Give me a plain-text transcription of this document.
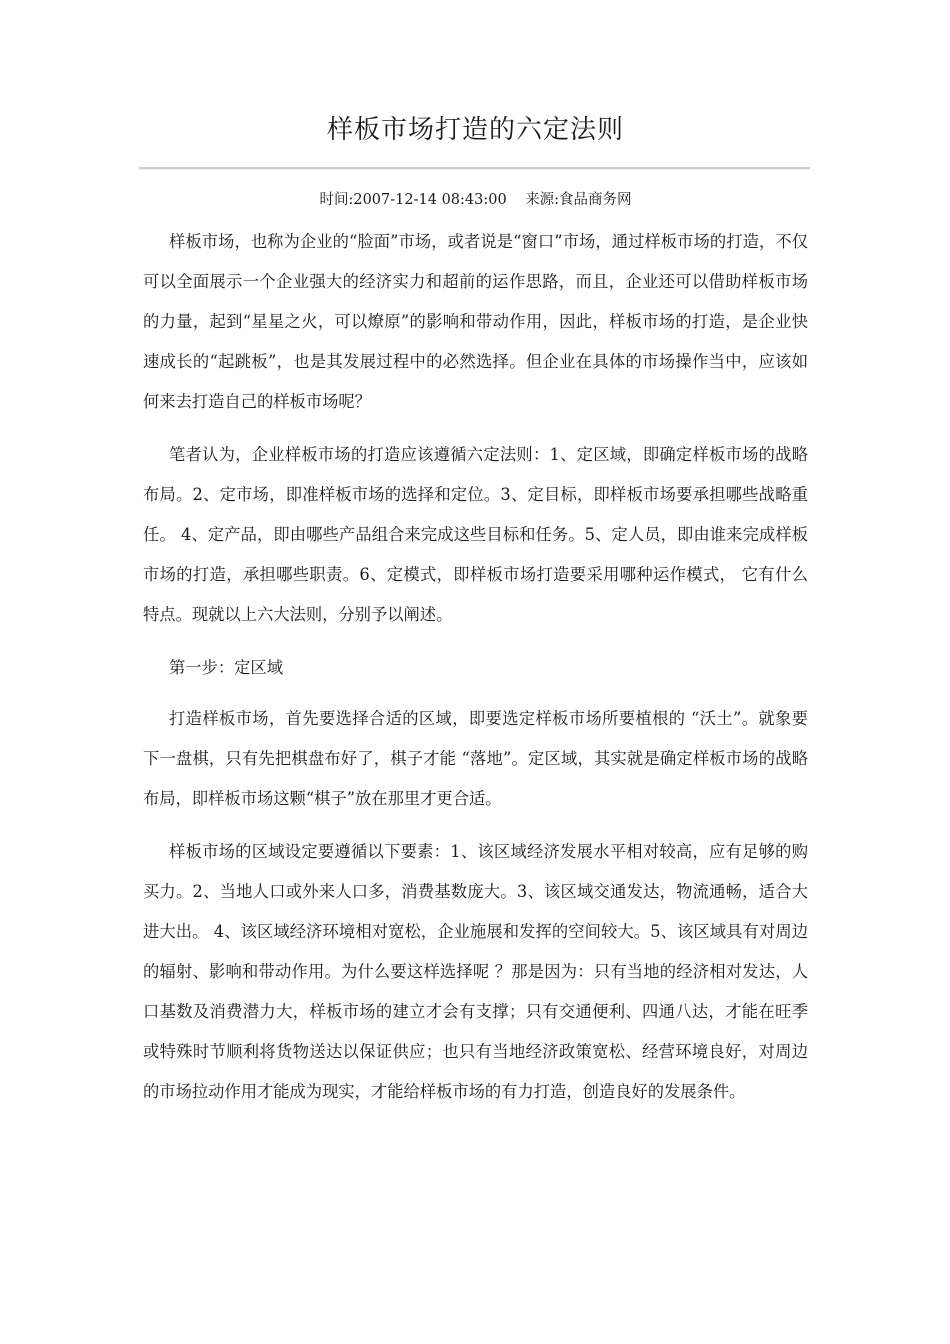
样板市场打造的六定法则
时间:2007-12-14 08:43:00 来源:食品商务网

样板市场，也称为企业的“脸面”市场，或者说是“窗口”市场，通过样板市场的打造，不仅可以全面展示一个企业强大的经济实力和超前的运作思路，而且，企业还可以借助样板市场的力量，起到“星星之火，可以燎原”的影响和带动作用，因此，样板市场的打造，是企业快速成长的“起跳板”，也是其发展过程中的必然选择。但企业在具体的市场操作当中，应该如何来去打造自己的样板市场呢？

笔者认为，企业样板市场的打造应该遵循六定法则：1、定区域，即确定样板市场的战略布局。2、定市场，即准样板市场的选择和定位。3、定目标，即样板市场要承担哪些战略重任。 4、定产品，即由哪些产品组合来完成这些目标和任务。5、定人员，即由谁来完成样板市场的打造，承担哪些职责。6、定模式，即样板市场打造要采用哪种运作模式， 它有什么特点。现就以上六大法则，分别予以阐述。

第一步：定区域

打造样板市场，首先要选择合适的区域，即要选定样板市场所要植根的 “沃土”。就象要下一盘棋，只有先把棋盘布好了，棋子才能 “落地”。定区域，其实就是确定样板市场的战略布局，即样板市场这颗“棋子”放在那里才更合适。

样板市场的区域设定要遵循以下要素：1、该区域经济发展水平相对较高，应有足够的购买力。2、当地人口或外来人口多，消费基数庞大。3、该区域交通发达，物流通畅，适合大进大出。 4、该区域经济环境相对宽松，企业施展和发挥的空间较大。5、该区域具有对周边的辐射、影响和带动作用。为什么要这样选择呢 ？那是因为：只有当地的经济相对发达，人口基数及消费潜力大，样板市场的建立才会有支撑；只有交通便利、四通八达，才能在旺季或特殊时节顺利将货物送达以保证供应；也只有当地经济政策宽松、经营环境良好，对周边的市场拉动作用才能成为现实，才能给样板市场的有力打造，创造良好的发展条件。
